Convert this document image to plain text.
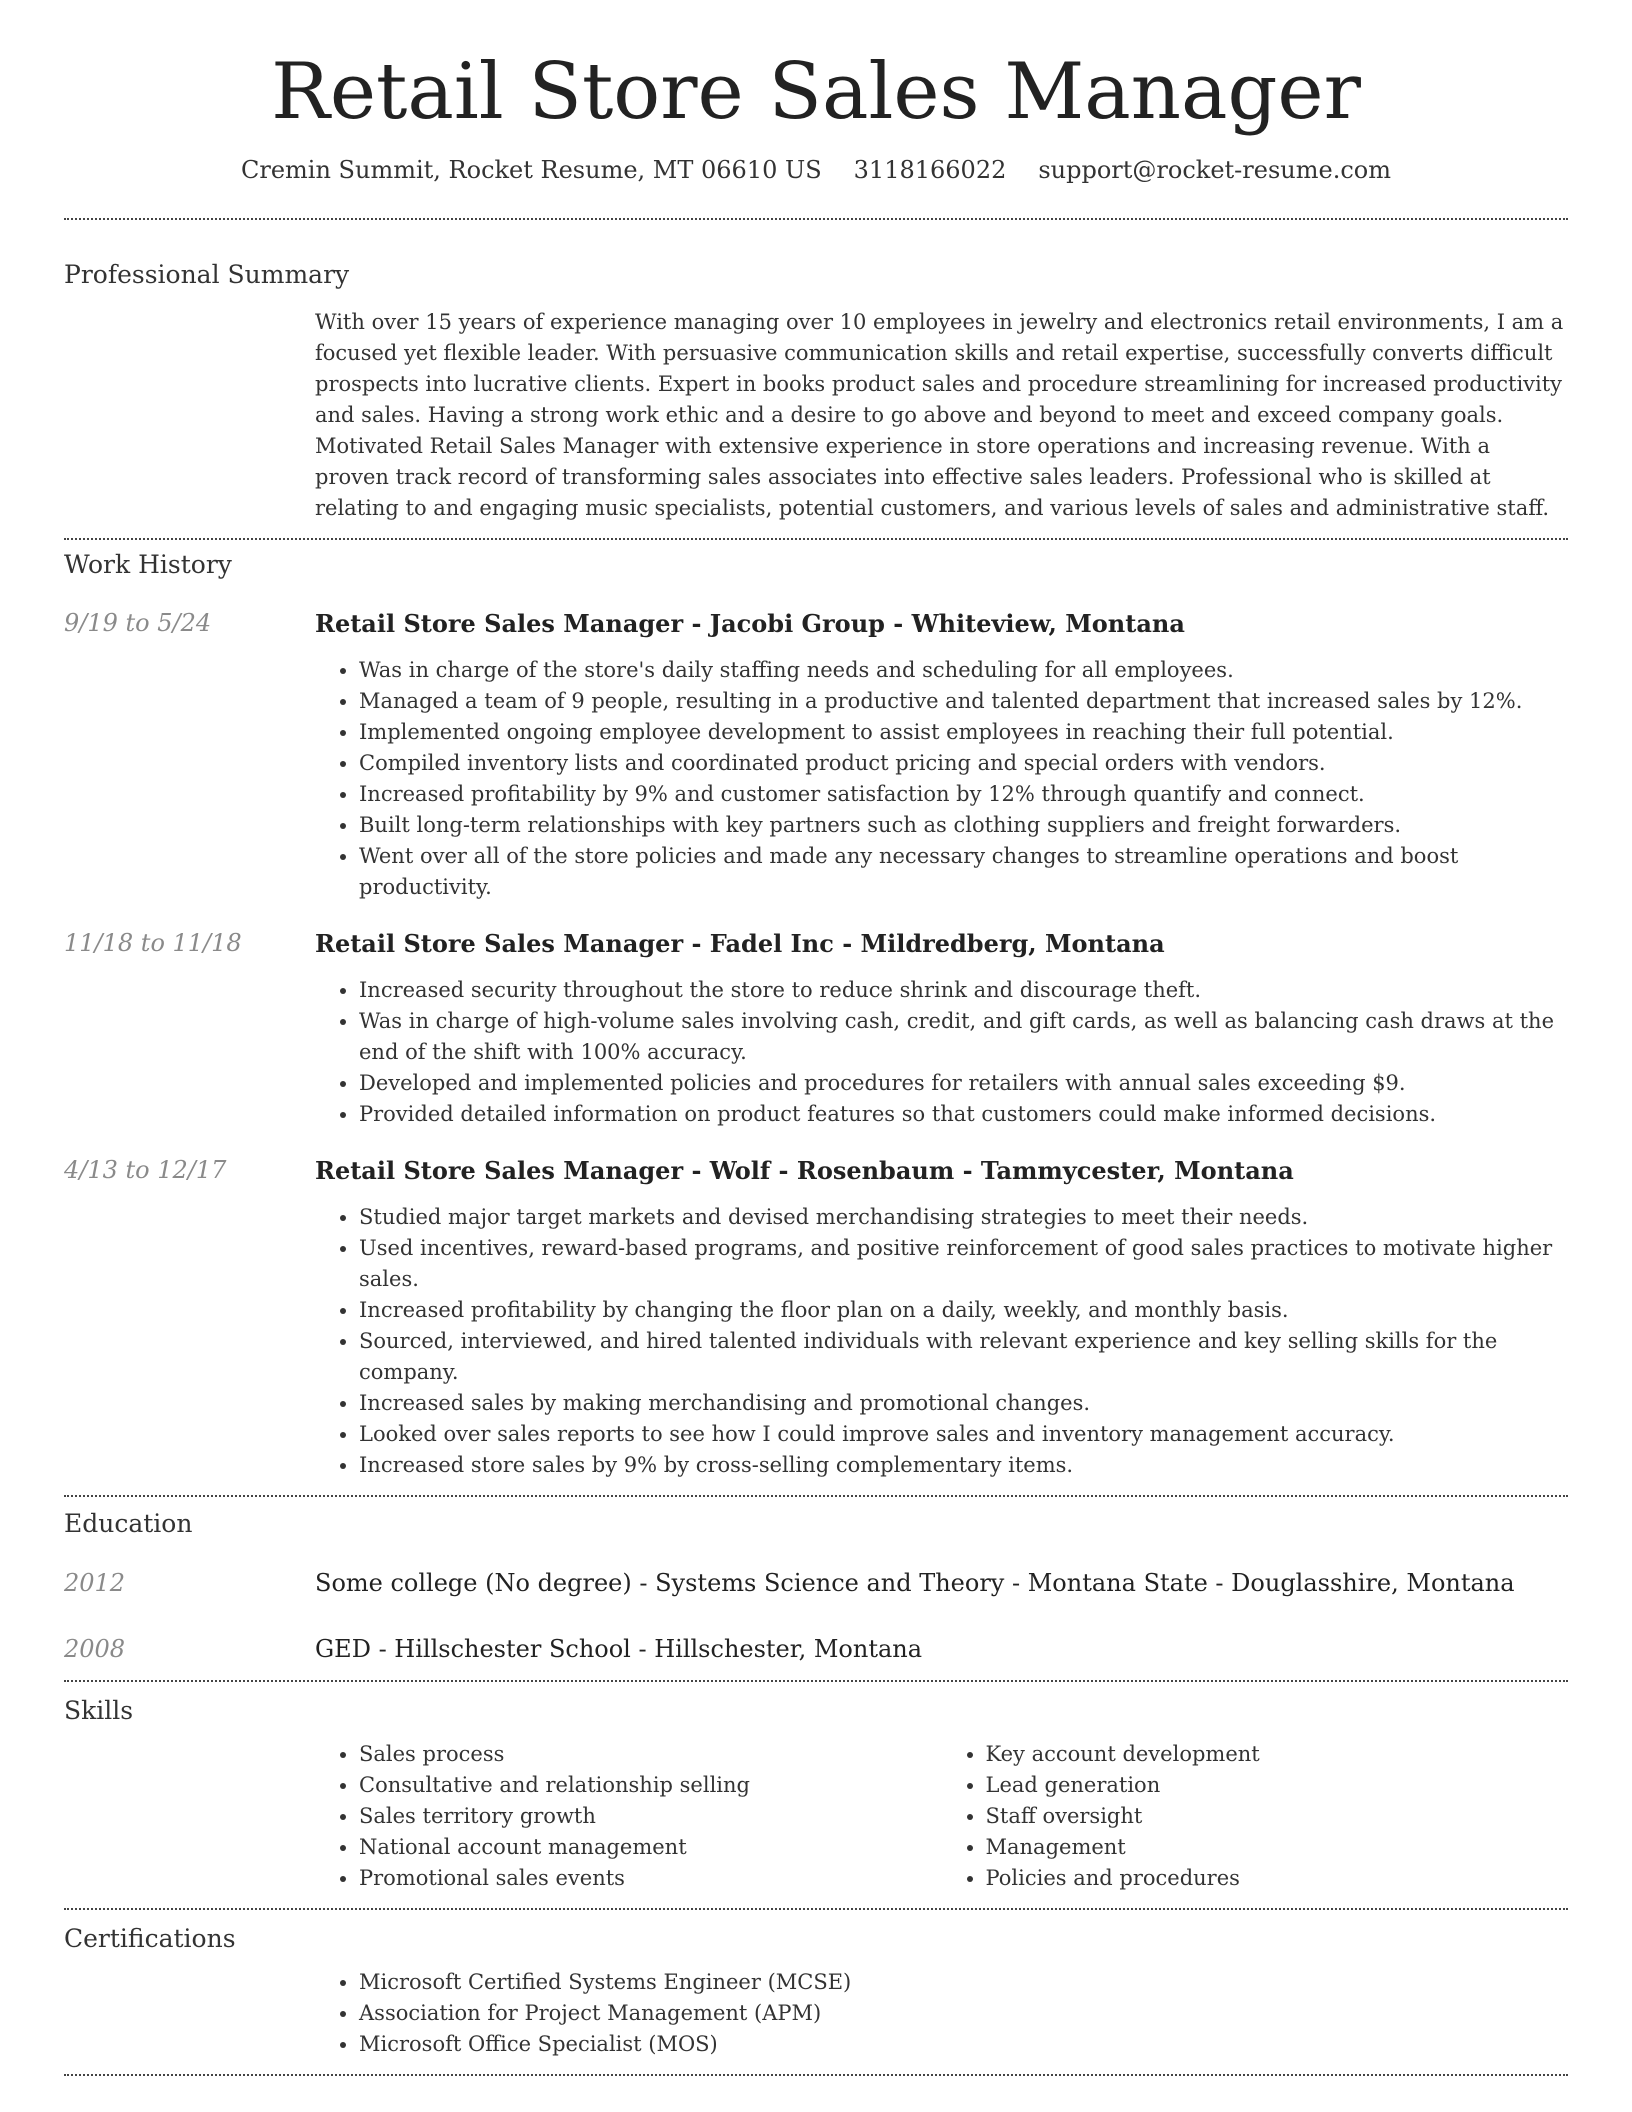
Retail Store Sales Manager
Cremin Summit, Rocket Resume, MT 06610 US 3118166022 support@rocket-resume.com
Professional Summary

With over 15 years of experience managing over 10 employees in jewelry and electronics retail environments, I am a focused yet flexible leader. With persuasive communication skills and retail expertise, successfully converts difficult prospects into lucrative clients. Expert in books product sales and procedure streamlining for increased productivity and sales. Having a strong work ethic and a desire to go above and beyond to meet and exceed company goals. Motivated Retail Sales Manager with extensive experience in store operations and increasing revenue. With a proven track record of transforming sales associates into effective sales leaders. Professional who is skilled at relating to and engaging music specialists, potential customers, and various levels of sales and administrative staff.

Work History
9/19 to 5/24	Retail Store Sales Manager - Jacobi Group - Whiteview, Montana
• Was in charge of the store's daily staffing needs and scheduling for all employees.
• Managed a team of 9 people, resulting in a productive and talented department that increased sales by 12%.
• Implemented ongoing employee development to assist employees in reaching their full potential.
• Compiled inventory lists and coordinated product pricing and special orders with vendors.
• Increased profitability by 9% and customer satisfaction by 12% through quantify and connect.
• Built long-term relationships with key partners such as clothing suppliers and freight forwarders.
• Went over all of the store policies and made any necessary changes to streamline operations and boost productivity.
11/18 to 11/18	Retail Store Sales Manager - Fadel Inc - Mildredberg, Montana
• Increased security throughout the store to reduce shrink and discourage theft.
• Was in charge of high-volume sales involving cash, credit, and gift cards, as well as balancing cash draws at the end of the shift with 100% accuracy.
• Developed and implemented policies and procedures for retailers with annual sales exceeding $9.
• Provided detailed information on product features so that customers could make informed decisions.
4/13 to 12/17	Retail Store Sales Manager - Wolf - Rosenbaum - Tammycester, Montana
• Studied major target markets and devised merchandising strategies to meet their needs.
• Used incentives, reward-based programs, and positive reinforcement of good sales practices to motivate higher sales.
• Increased profitability by changing the floor plan on a daily, weekly, and monthly basis.
• Sourced, interviewed, and hired talented individuals with relevant experience and key selling skills for the company.
• Increased sales by making merchandising and promotional changes.
• Looked over sales reports to see how I could improve sales and inventory management accuracy.
• Increased store sales by 9% by cross-selling complementary items.
Education
2012	Some college (No degree) - Systems Science and Theory - Montana State - Douglasshire, Montana
2008	GED - Hillschester School - Hillschester, Montana
Skills
• Sales process
• Consultative and relationship selling
• Sales territory growth
• National account management
• Promotional sales events
• Key account development
• Lead generation
• Staff oversight
• Management
• Policies and procedures
Certifications
• Microsoft Certified Systems Engineer (MCSE)
• Association for Project Management (APM)
• Microsoft Office Specialist (MOS)
